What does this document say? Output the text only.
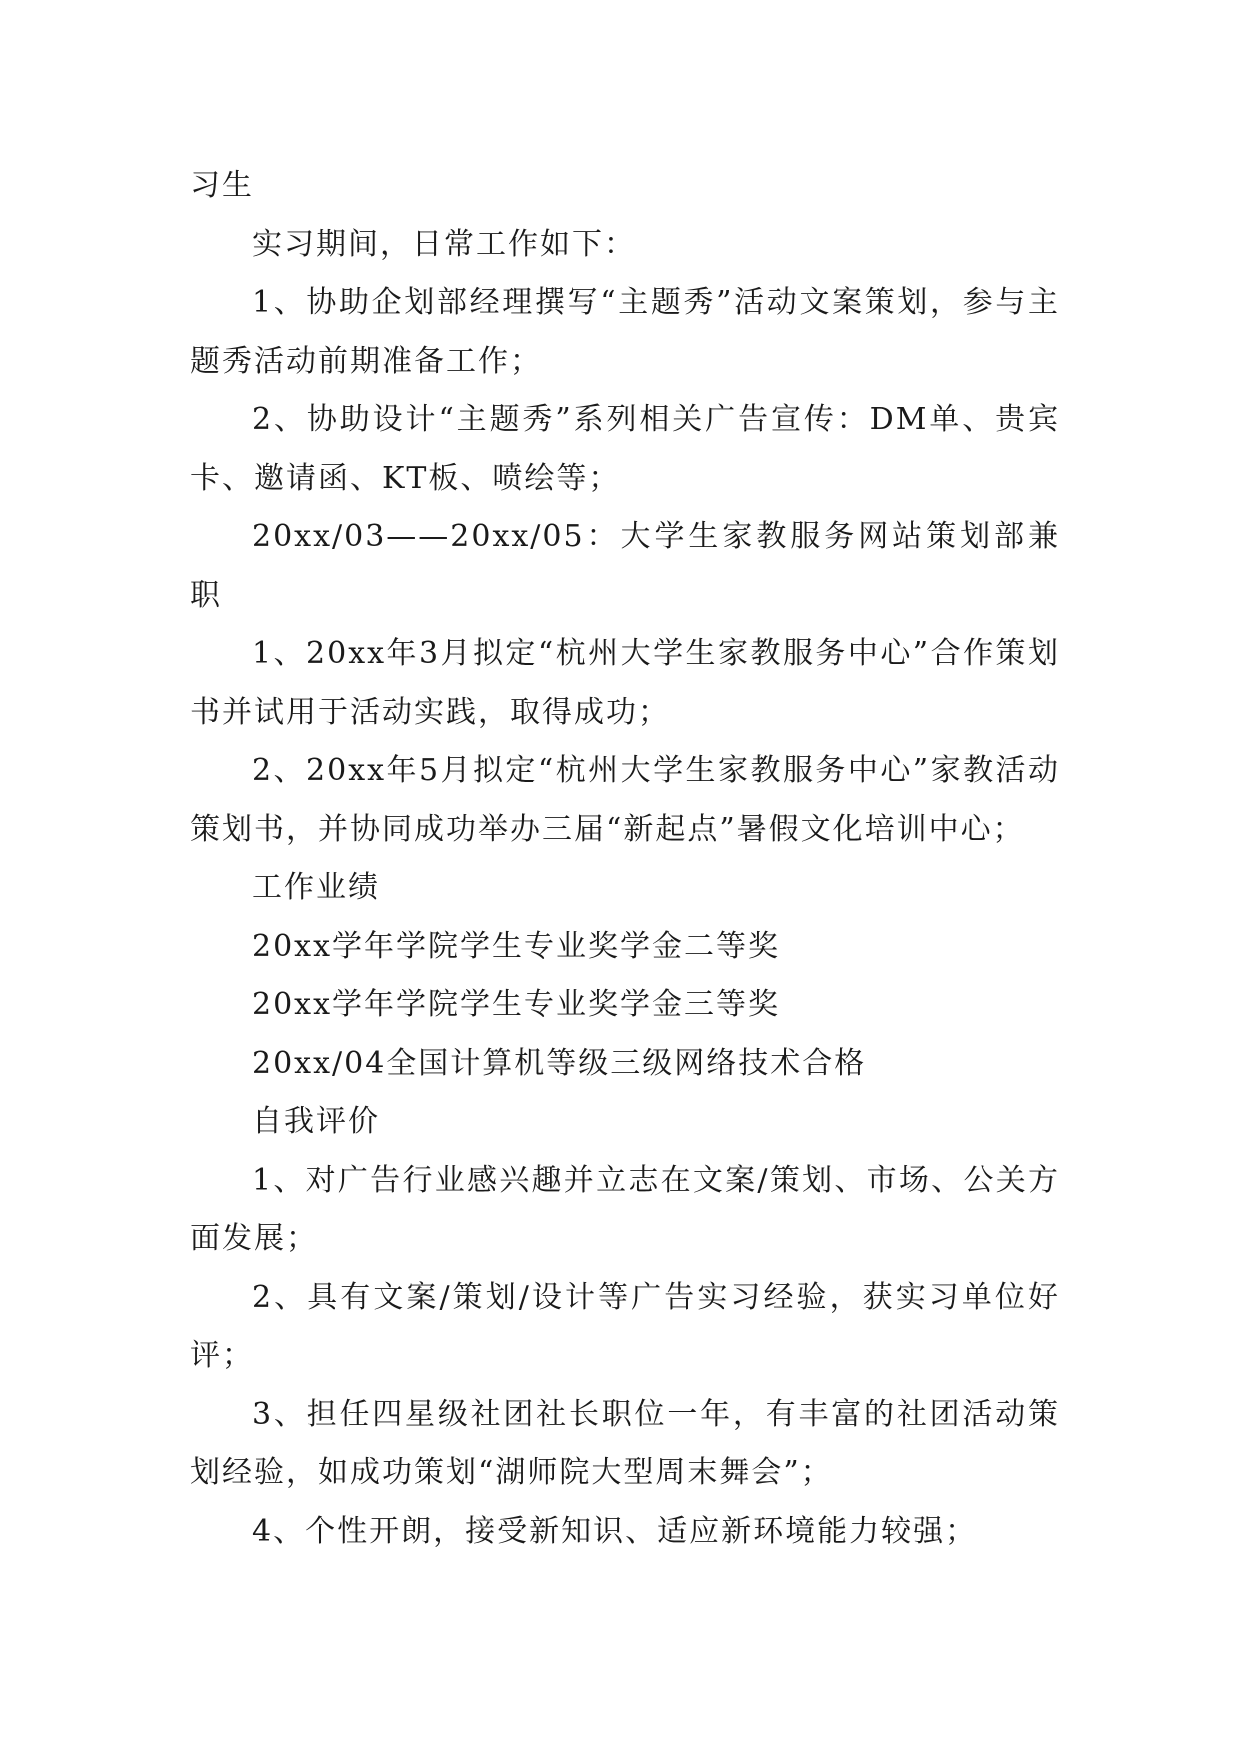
习生

实习期间，日常工作如下：

1、协助企划部经理撰写“主题秀”活动文案策划，参与主题秀活动前期准备工作；

2、协助设计“主题秀”系列相关广告宣传：DM单、贵宾卡、邀请函、KT板、喷绘等；

20xx/03——20xx/05：大学生家教服务网站策划部兼职

1、20xx年3月拟定“杭州大学生家教服务中心”合作策划书并试用于活动实践，取得成功；

2、20xx年5月拟定“杭州大学生家教服务中心”家教活动策划书，并协同成功举办三届“新起点”暑假文化培训中心；

工作业绩

20xx学年学院学生专业奖学金二等奖

20xx学年学院学生专业奖学金三等奖

20xx/04全国计算机等级三级网络技术合格

自我评价

1、对广告行业感兴趣并立志在文案/策划、市场、公关方面发展；

2、具有文案/策划/设计等广告实习经验，获实习单位好评；

3、担任四星级社团社长职位一年，有丰富的社团活动策划经验，如成功策划“湖师院大型周末舞会”；

4、个性开朗，接受新知识、适应新环境能力较强；
